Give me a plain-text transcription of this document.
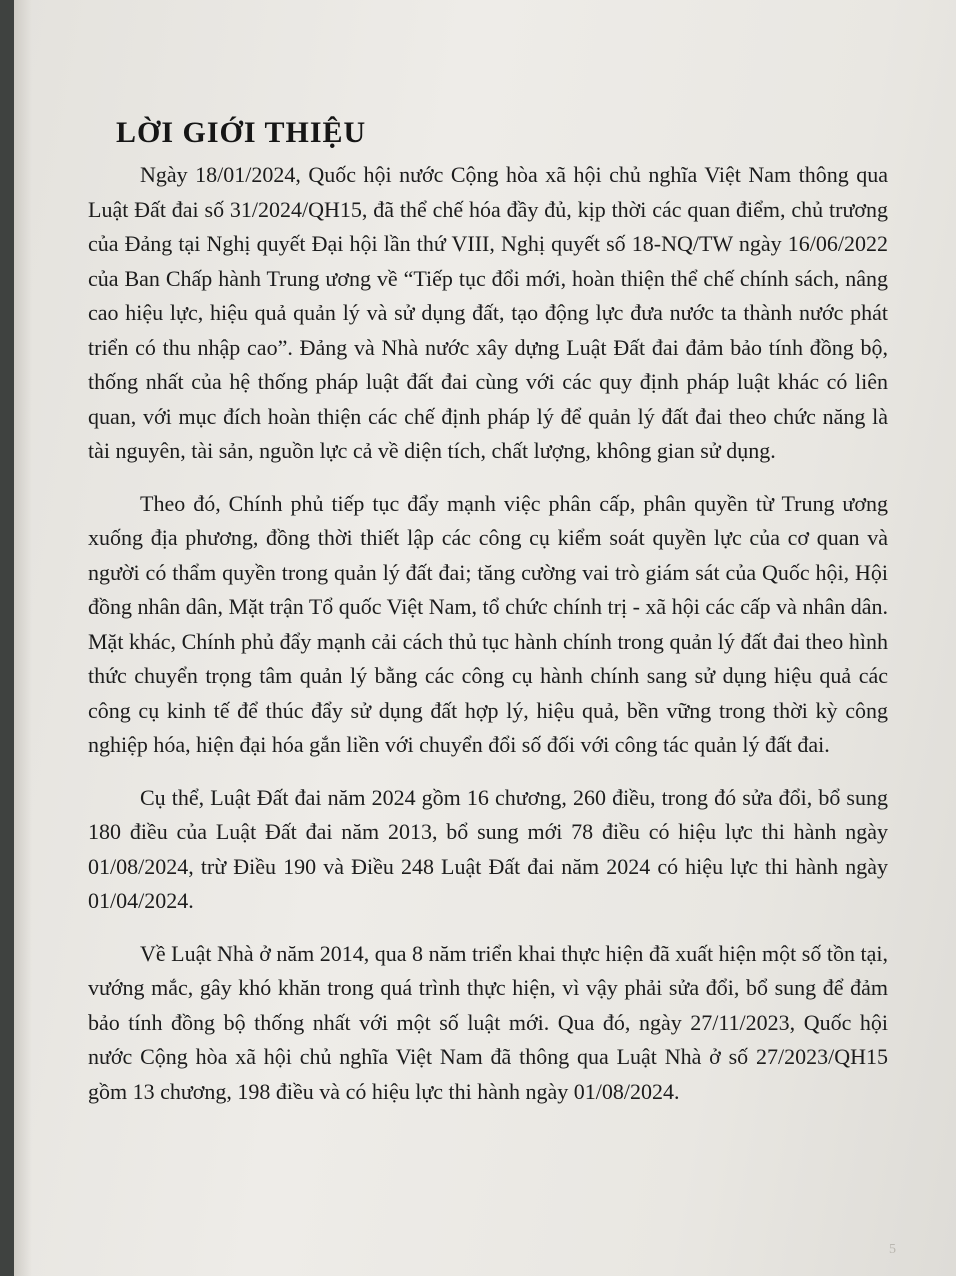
LỜI GIỚI THIỆU

Ngày 18/01/2024, Quốc hội nước Cộng hòa xã hội chủ nghĩa Việt Nam thông qua Luật Đất đai số 31/2024/QH15, đã thể chế hóa đầy đủ, kịp thời các quan điểm, chủ trương của Đảng tại Nghị quyết Đại hội lần thứ VIII, Nghị quyết số 18-NQ/TW ngày 16/06/2022 của Ban Chấp hành Trung ương về “Tiếp tục đổi mới, hoàn thiện thể chế chính sách, nâng cao hiệu lực, hiệu quả quản lý và sử dụng đất, tạo động lực đưa nước ta thành nước phát triển có thu nhập cao”. Đảng và Nhà nước xây dựng Luật Đất đai đảm bảo tính đồng bộ, thống nhất của hệ thống pháp luật đất đai cùng với các quy định pháp luật khác có liên quan, với mục đích hoàn thiện các chế định pháp lý để quản lý đất đai theo chức năng là tài nguyên, tài sản, nguồn lực cả về diện tích, chất lượng, không gian sử dụng.

Theo đó, Chính phủ tiếp tục đẩy mạnh việc phân cấp, phân quyền từ Trung ương xuống địa phương, đồng thời thiết lập các công cụ kiểm soát quyền lực của cơ quan và người có thẩm quyền trong quản lý đất đai; tăng cường vai trò giám sát của Quốc hội, Hội đồng nhân dân, Mặt trận Tổ quốc Việt Nam, tổ chức chính trị - xã hội các cấp và nhân dân. Mặt khác, Chính phủ đẩy mạnh cải cách thủ tục hành chính trong quản lý đất đai theo hình thức chuyển trọng tâm quản lý bằng các công cụ hành chính sang sử dụng hiệu quả các công cụ kinh tế để thúc đẩy sử dụng đất hợp lý, hiệu quả, bền vững trong thời kỳ công nghiệp hóa, hiện đại hóa gắn liền với chuyển đổi số đối với công tác quản lý đất đai.

Cụ thể, Luật Đất đai năm 2024 gồm 16 chương, 260 điều, trong đó sửa đổi, bổ sung 180 điều của Luật Đất đai năm 2013, bổ sung mới 78 điều có hiệu lực thi hành ngày 01/08/2024, trừ Điều 190 và Điều 248 Luật Đất đai năm 2024 có hiệu lực thi hành ngày 01/04/2024.

Về Luật Nhà ở năm 2014, qua 8 năm triển khai thực hiện đã xuất hiện một số tồn tại, vướng mắc, gây khó khăn trong quá trình thực hiện, vì vậy phải sửa đổi, bổ sung để đảm bảo tính đồng bộ thống nhất với một số luật mới. Qua đó, ngày 27/11/2023, Quốc hội nước Cộng hòa xã hội chủ nghĩa Việt Nam đã thông qua Luật Nhà ở số 27/2023/QH15 gồm 13 chương, 198 điều và có hiệu lực thi hành ngày 01/08/2024.

5
